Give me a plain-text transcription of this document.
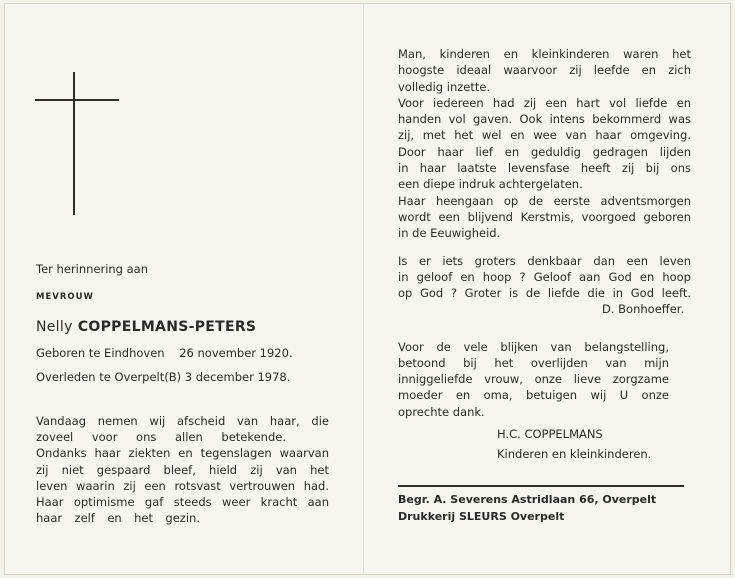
Ter herinnering aan
MEVROUW
Nelly COPPELMANS-PETERS
Geboren te Eindhoven    26 november 1920.
Overleden te Overpelt(B) 3 december 1978.
Vandaag nemen wij afscheid van haar, die
zoveel voor ons allen betekende.
Ondanks haar ziekten en tegenslagen waarvan
zij niet gespaard bleef, hield zij van het
leven waarin zij een rotsvast vertrouwen had.
Haar optimisme gaf steeds weer kracht aan
haar zelf en het gezin.
Man, kinderen en kleinkinderen waren het
hoogste ideaal waarvoor zij leefde en zich
volledig inzette.
Voor iedereen had zij een hart vol liefde en
handen vol gaven. Ook intens bekommerd was
zij, met het wel en wee van haar omgeving.
Door haar lief en geduldig gedragen lijden
in haar laatste levensfase heeft zij bij ons
een diepe indruk achtergelaten.
Haar heengaan op de eerste adventsmorgen
wordt een blijvend Kerstmis, voorgoed geboren
in de Eeuwigheid.
Is er iets groters denkbaar dan een leven
in geloof en hoop ? Geloof aan God en hoop
op God ? Groter is de liefde die in God leeft.
D. Bonhoeffer.
Voor de vele blijken van belangstelling,
betoond bij het overlijden van mijn
inniggeliefde vrouw, onze lieve zorgzame
moeder en oma, betuigen wij U onze
oprechte dank.
H.C. COPPELMANS
Kinderen en kleinkinderen.
Begr. A. Severens Astridlaan 66, Overpelt
Drukkerij SLEURS Overpelt
